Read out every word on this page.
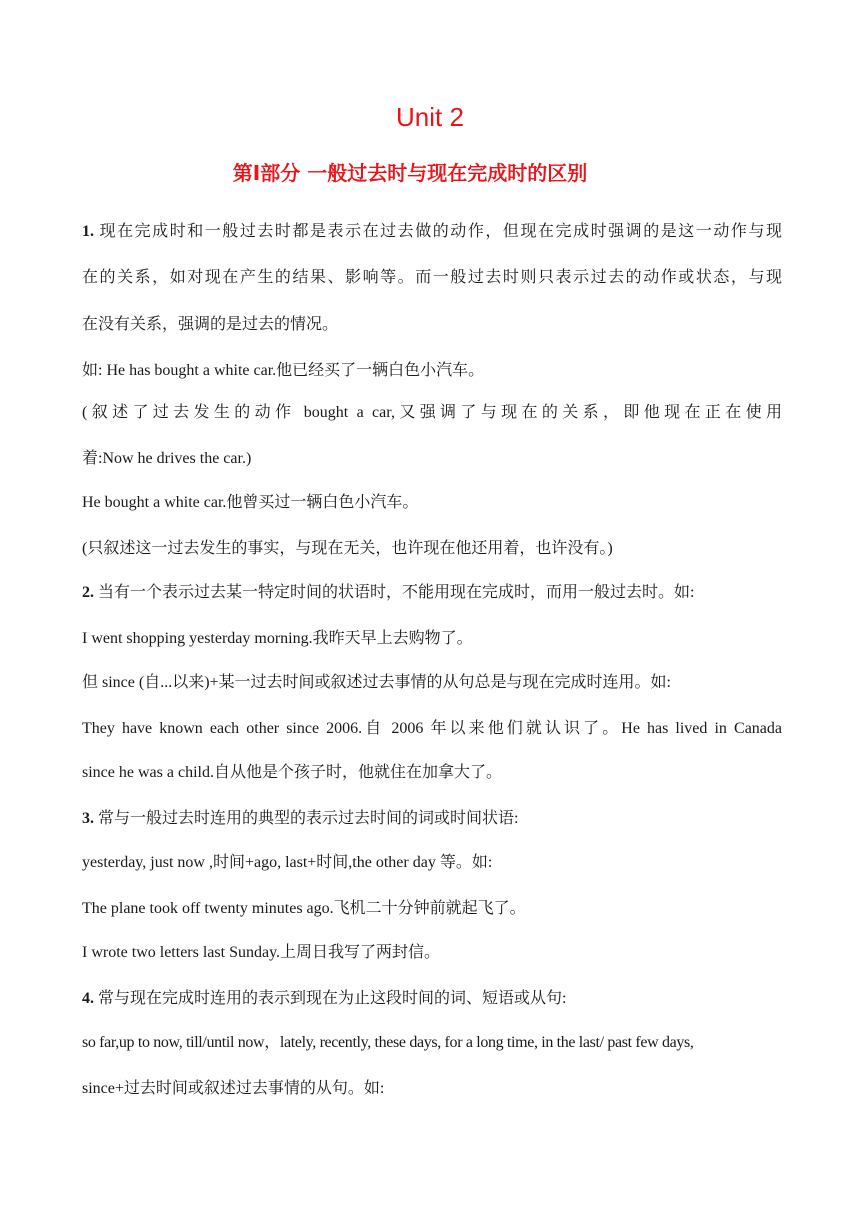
Unit 2
第Ⅰ部分 一般过去时与现在完成时的区别
1. 现在完成时和一般过去时都是表示在过去做的动作，但现在完成时强调的是这一动作与现
在的关系，如对现在产生的结果、影响等。而一般过去时则只表示过去的动作或状态，与现
在没有关系，强调的是过去的情况。
如: He has bought a white car.他已经买了一辆白色小汽车。
(叙述了过去发生的动作 bought a car,又强调了与现在的关系，即他现在正在使用
着:Now he drives the car.)
He bought a white car.他曾买过一辆白色小汽车。
(只叙述这一过去发生的事实，与现在无关，也许现在他还用着，也许没有。)
2. 当有一个表示过去某一特定时间的状语时，不能用现在完成时，而用一般过去时。如:
I went shopping yesterday morning.我昨天早上去购物了。
但 since (自...以来)+某一过去时间或叙述过去事情的从句总是与现在完成时连用。如:
They have known each other since 2006.自 2006 年以来他们就认识了。He has lived in Canada
since he was a child.自从他是个孩子时，他就住在加拿大了。
3. 常与一般过去时连用的典型的表示过去时间的词或时间状语:
yesterday, just now ,时间+ago, last+时间,the other day 等。如:
The plane took off twenty minutes ago.飞机二十分钟前就起飞了。
I wrote two letters last Sunday.上周日我写了两封信。
4. 常与现在完成时连用的表示到现在为止这段时间的词、短语或从句:
so far,up to now, till/until now，lately, recently, these days, for a long time, in the last/ past few days,
since+过去时间或叙述过去事情的从句。如:
